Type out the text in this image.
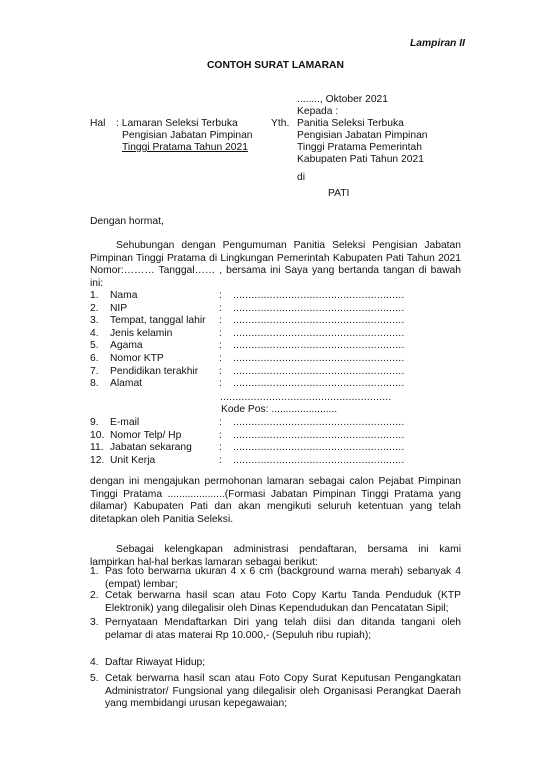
Lampiran II
CONTOH SURAT LAMARAN
........, Oktober 2021
Kepada :
Hal : Lamaran Seleksi Terbuka
Pengisian Jabatan Pimpinan
Tinggi Pratama Tahun 2021
Yth. Panitia Seleksi Terbuka
Pengisian Jabatan Pimpinan
Tinggi Pratama Pemerintah
Kabupaten Pati Tahun 2021
di
PATI
Dengan hormat,
Sehubungan dengan Pengumuman Panitia Seleksi Pengisian Jabatan Pimpinan Tinggi Pratama di Lingkungan Pemerintah Kabupaten Pati Tahun 2021 Nomor:……… Tanggal…… , bersama ini Saya yang bertanda tangan di bawah ini:
1. Nama	: ........................................................
2. NIP	: ........................................................
3. Tempat, tanggal lahir : ........................................................
4. Jenis kelamin	: ........................................................
5. Agama	: ........................................................
6. Nomor KTP	: ........................................................
7. Pendidikan terakhir : ........................................................
8. Alamat	: ........................................................
........................................................
Kode Pos: .......................
9. E-mail	: ........................................................
10. Nomor Telp/ Hp	: ........................................................
11. Jabatan sekarang	: ........................................................
12. Unit Kerja	: ........................................................
dengan ini mengajukan permohonan lamaran sebagai calon Pejabat Pimpinan Tinggi Pratama ....................(Formasi Jabatan Pimpinan Tinggi Pratama yang dilamar) Kabupaten Pati dan akan mengikuti seluruh ketentuan yang telah ditetapkan oleh Panitia Seleksi.
Sebagai kelengkapan administrasi pendaftaran, bersama ini kami lampirkan hal-hal berkas lamaran sebagai berikut:
1. Pas foto berwarna ukuran 4 x 6 cm (background warna merah) sebanyak 4 (empat) lembar;
2. Cetak berwarna hasil scan atau Foto Copy Kartu Tanda Penduduk (KTP Elektronik) yang dilegalisir oleh Dinas Kependudukan dan Pencatatan Sipil;
3. Pernyataan Mendaftarkan Diri yang telah diisi dan ditanda tangani oleh pelamar di atas materai Rp 10.000,- (Sepuluh ribu rupiah);
4. Daftar Riwayat Hidup;
5. Cetak berwarna hasil scan atau Foto Copy Surat Keputusan Pengangkatan Administrator/ Fungsional yang dilegalisir oleh Organisasi Perangkat Daerah yang membidangi urusan kepegawaian;
